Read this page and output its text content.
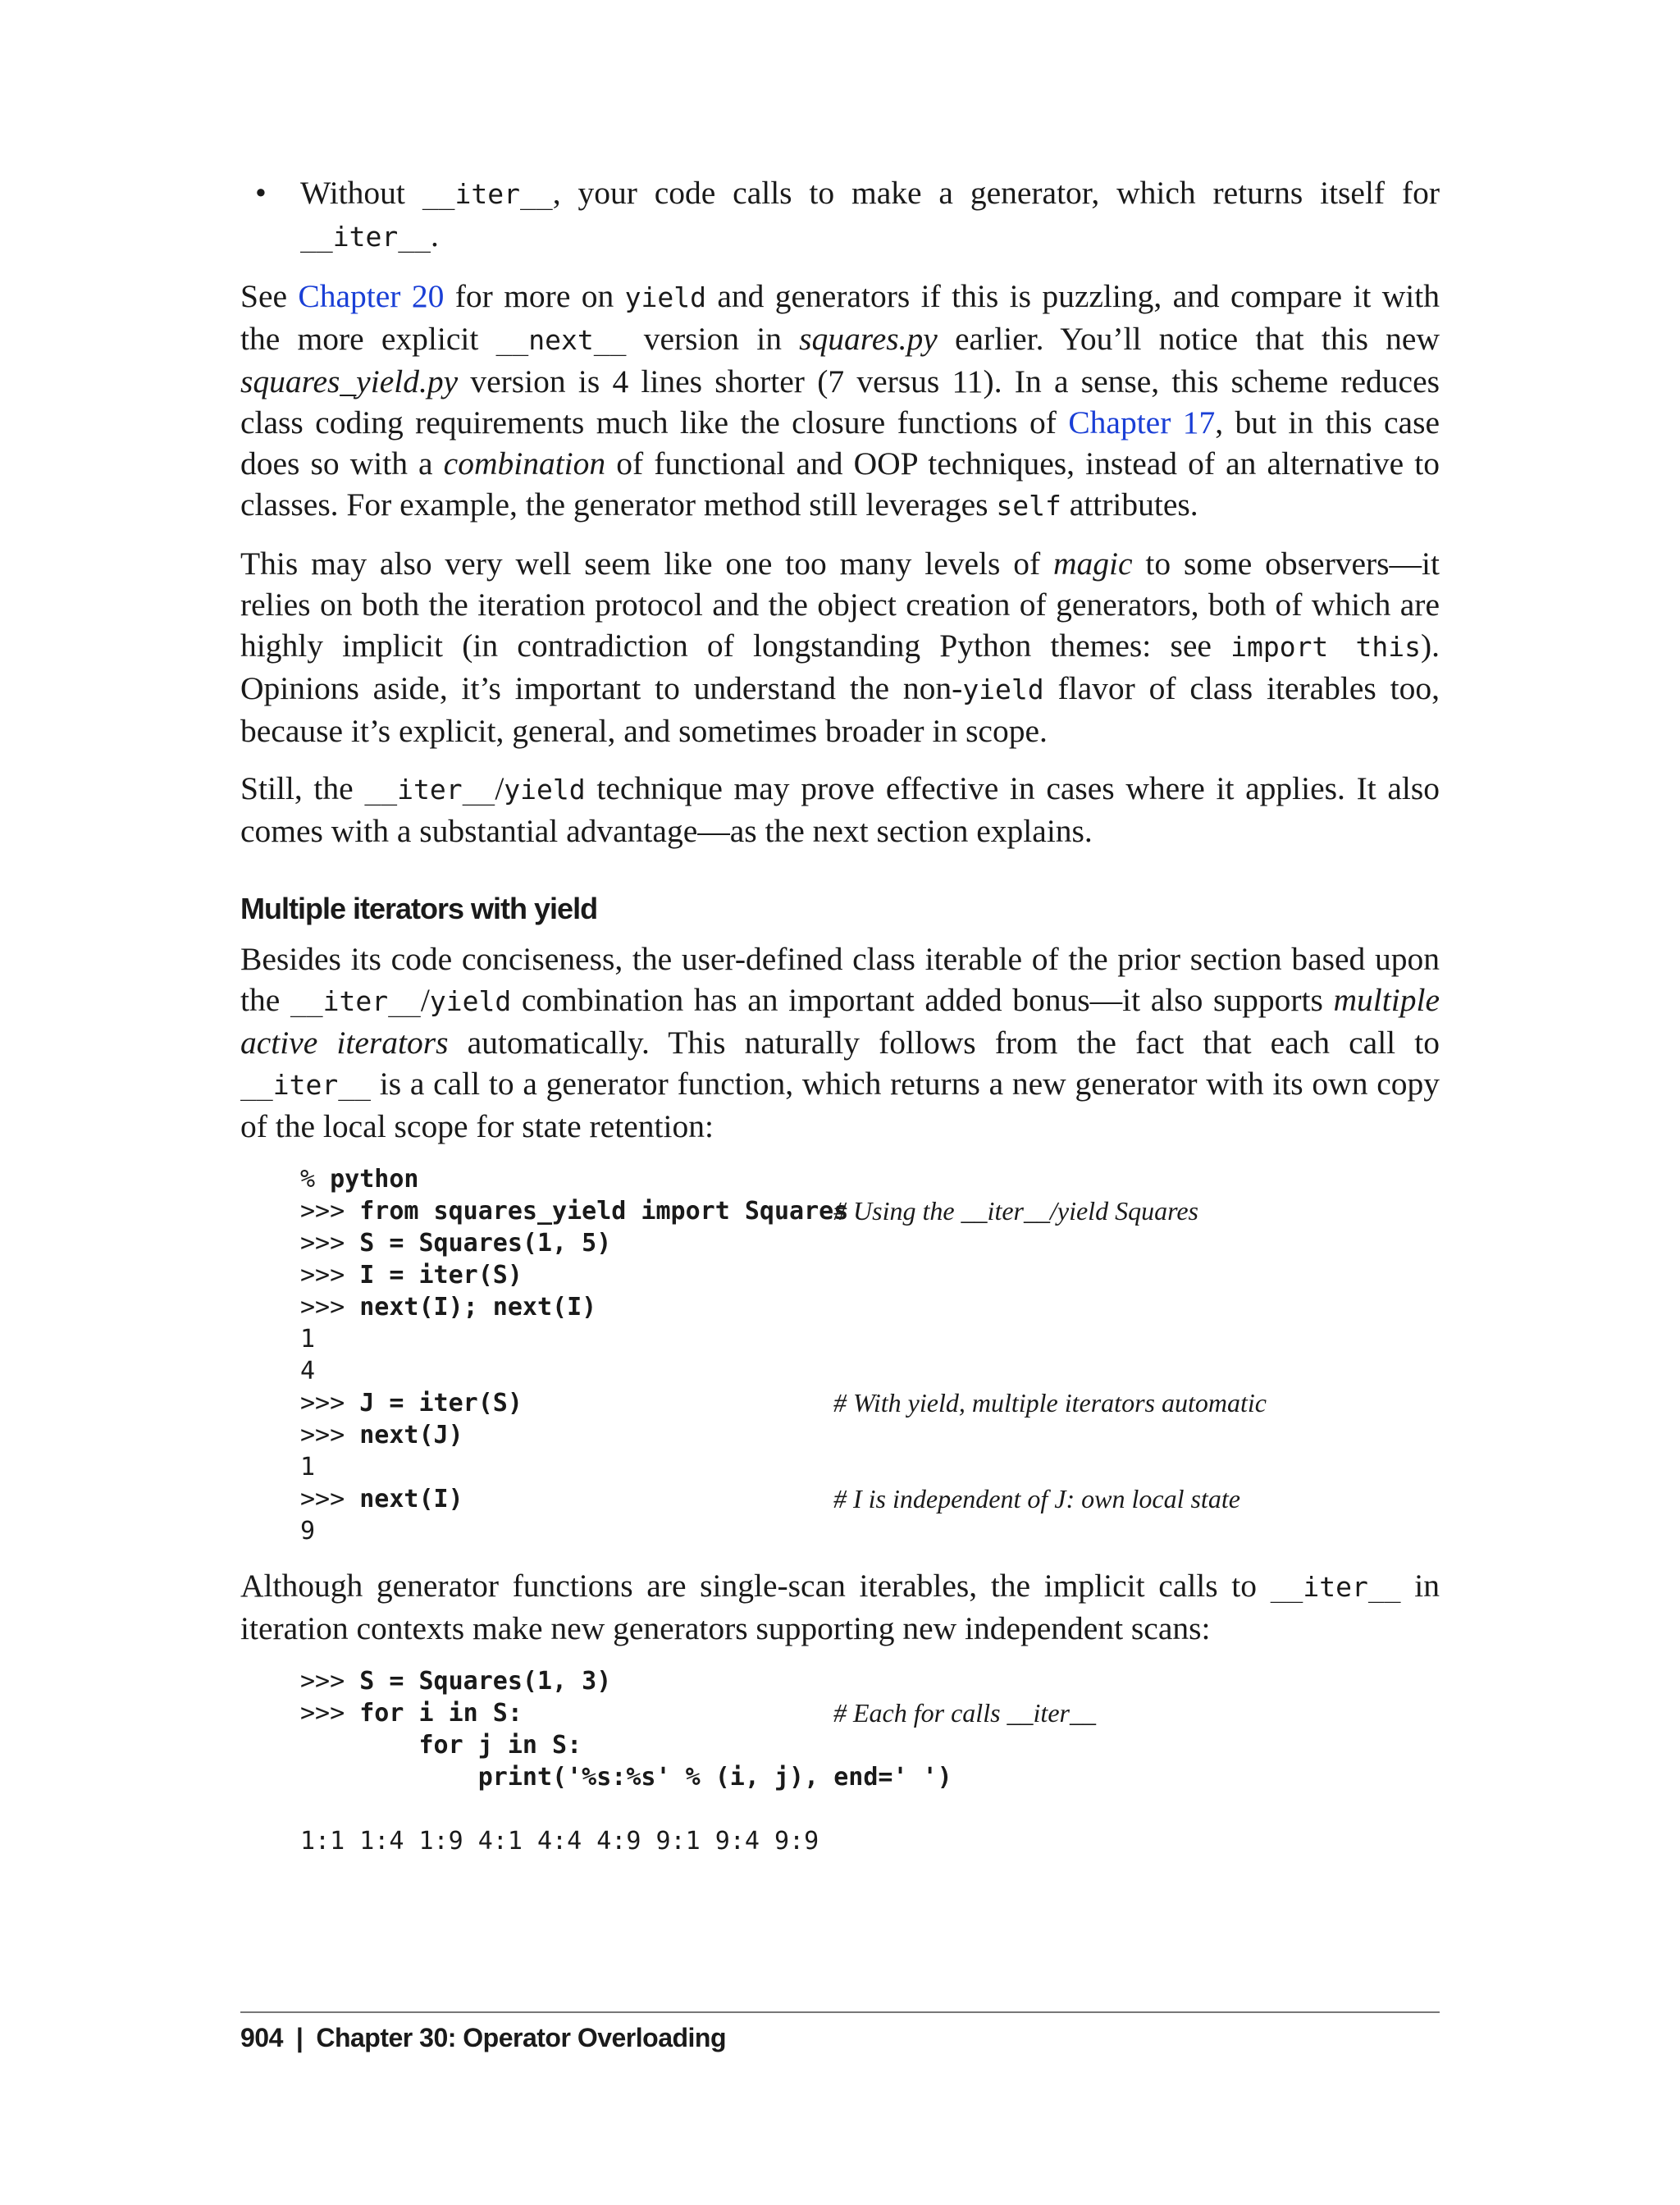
• Without __iter__, your code calls to make a generator, which returns itself for __iter__.

See Chapter 20 for more on yield and generators if this is puzzling, and compare it with the more explicit __next__ version in squares.py earlier. You’ll notice that this new squares_yield.py version is 4 lines shorter (7 versus 11). In a sense, this scheme reduces class coding requirements much like the closure functions of Chapter 17, but in this case does so with a combination of functional and OOP techniques, instead of an alternative to classes. For example, the generator method still leverages self attributes.

This may also very well seem like one too many levels of magic to some observers—it relies on both the iteration protocol and the object creation of generators, both of which are highly implicit (in contradiction of longstanding Python themes: see import this). Opinions aside, it’s important to understand the non-yield flavor of class iterables too, because it’s explicit, general, and sometimes broader in scope.

Still, the __iter__/yield technique may prove effective in cases where it applies. It also comes with a substantial advantage—as the next section explains.

Multiple iterators with yield

Besides its code conciseness, the user-defined class iterable of the prior section based upon the __iter__/yield combination has an important added bonus—it also supports multiple active iterators automatically. This naturally follows from the fact that each call to __iter__ is a call to a generator function, which returns a new generator with its own copy of the local scope for state retention:

% python
>>> from squares_yield import Squares
# Using the __iter__/yield Squares
>>> S = Squares(1, 5)
>>> I = iter(S)
>>> next(I); next(I)
1
4
>>> J = iter(S)	# With yield, multiple iterators automatic
>>> next(J)
1
>>> next(I)	# I is independent of J: own local state
9

Although generator functions are single-scan iterables, the implicit calls to __iter__ in iteration contexts make new generators supporting new independent scans:

>>> S = Squares(1, 3)
>>> for i in S:	# Each for calls __iter__
for j in S:
print('%s:%s' % (i, j), end=' ')
1:1 1:4 1:9 4:1 4:4 4:9 9:1 9:4 9:9
904 | Chapter 30: Operator Overloading
